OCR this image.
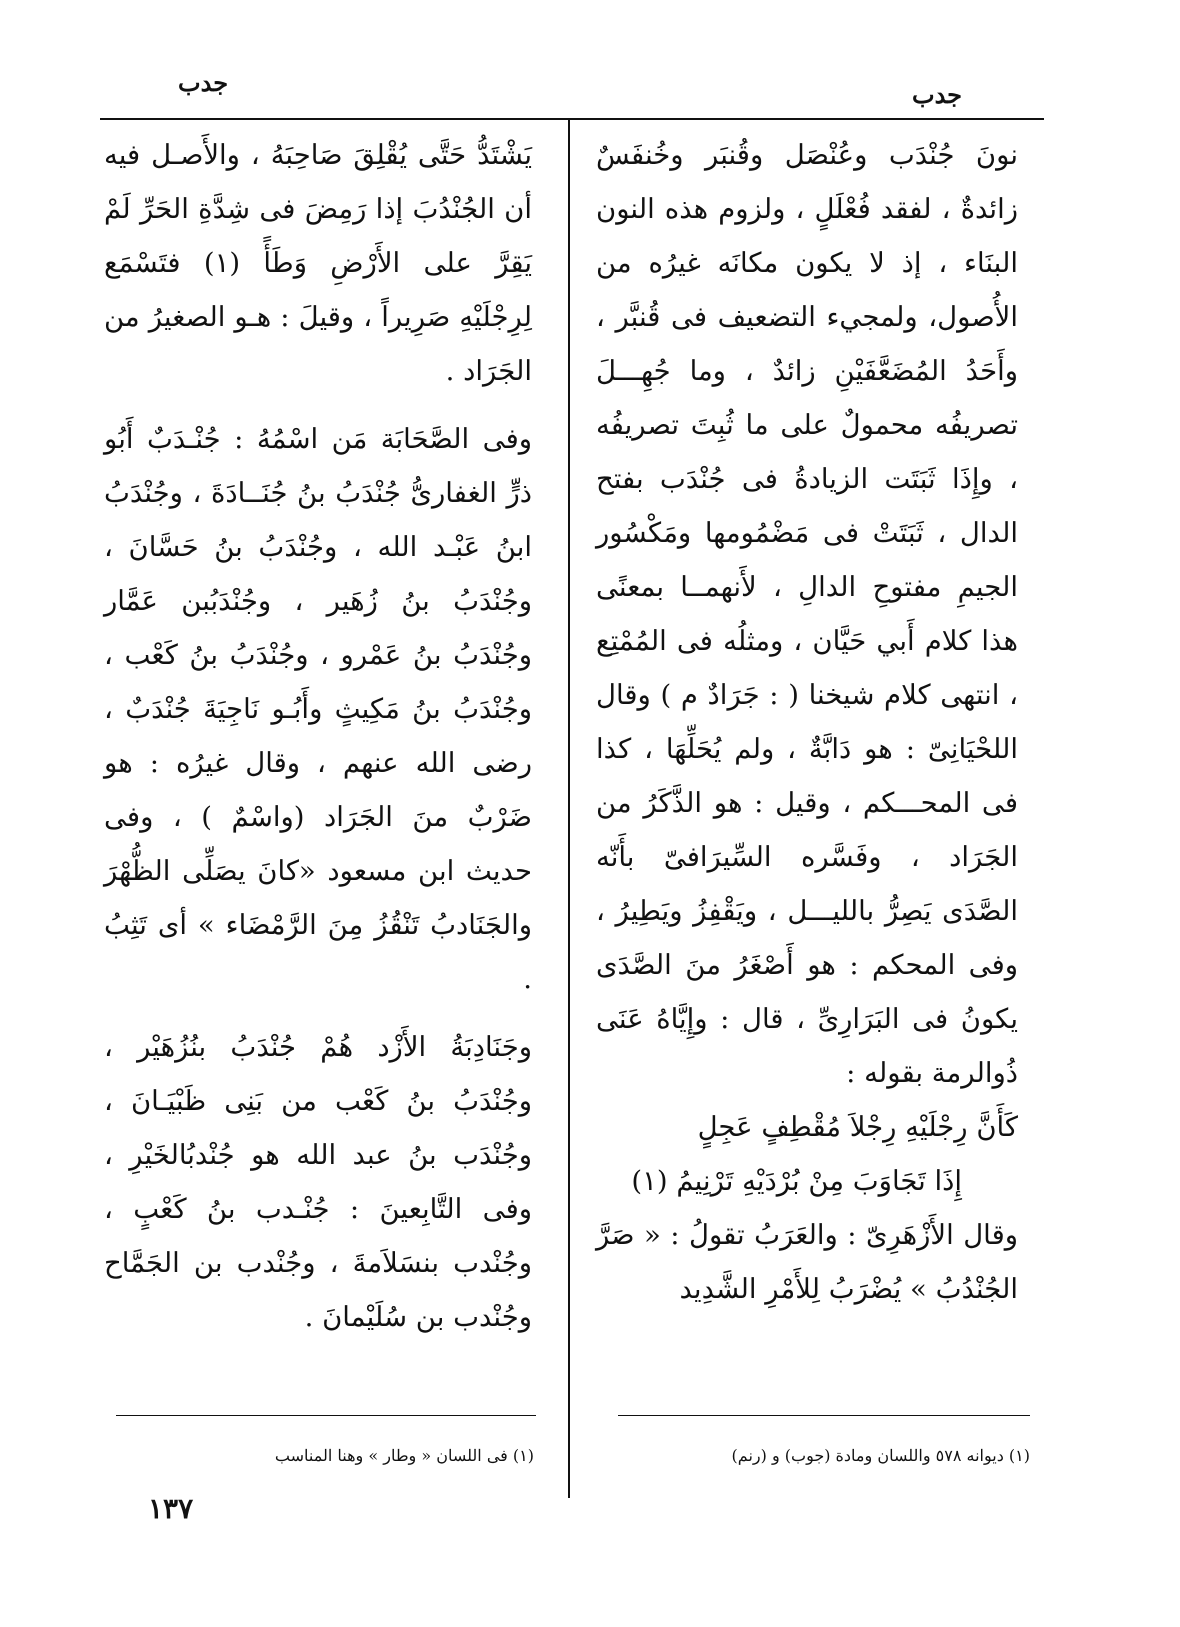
جدب
جدب

نونَ جُنْدَب وعُنْصَل وقُنبَر وخُنفَسٌ زائدةٌ ، لفقد فُعْلَلٍ ، ولزوم هذه النون البنَاء ، إذ لا يكون مكانَه غيرُه من الأُصول، ولمجيء التضعيف فى قُنبَّر ، وأَحَدُ المُضَعَّفَيْنِ زائدٌ ، وما جُهِـــلَ تصريفُه محمولٌ على ما ثُبِتَ تصريفُه ، وإِذَا ثَبَتَت الزيادةُ فى جُنْدَب بفتح الدال ، ثَبَتَتْ فى مَضْمُومها ومَكْسُور الجيمِ مفتوحِ الدالِ ، لأَنهمــا بمعنًى هذا كلام أَبي حَيَّان ، ومثلُه فى المُمْتِع ، انتهى كلام شيخنا ( : جَرَادٌ م ) وقال اللحْيَانِىّ : هو دَابَّةٌ ، ولم يُحَلِّهَا ، كذا فى المحـــكم ، وقيل : هو الذَّكَرُ من الجَرَاد ، وفَسَّره السِّيرَافىّ بأَنّه الصَّدَى يَصِرُّ بالليـــل ، ويَقْفِزُ ويَطِيرُ ، وفى المحكم : هو أَصْغَرُ منَ الصَّدَى يكونُ فى البَرَارِىِّ ، قال : وإِيَّاهُ عَنَى ذُوالرمة بقوله :

كَأَنَّ رِجْلَيْهِ رِجْلاَ مُقْطِفٍ عَجِلٍ

إِذَا تَجَاوَبَ مِنْ بُرْدَيْهِ تَرْنِيمُ (١)

وقال الأَزْهَرِىّ : والعَرَبُ تقولُ : « صَرَّ الجُنْدُبُ » يُضْرَبُ لِلأَمْرِ الشَّدِيد

يَشْتَدُّ حَتَّى يُقْلِقَ صَاحِبَهُ ، والأَصـل فيه أن الجُنْدُبَ إذا رَمِضَ فى شِدَّةِ الحَرِّ لَمْ يَقِرَّ على الأَرْضِ وَطَأً (١) فتَسْمَع لِرِجْلَيْهِ صَرِيراً ، وقيلَ : هـو الصغيرُ من الجَرَاد .

وفى الصَّحَابَة مَن اسْمُهُ : جُنْـدَبٌ أَبُو ذرٍّ الغفارىُّ جُنْدَبُ بنُ جُنَــادَةَ ، وجُنْدَبُ ابنُ عَبْـد الله ، وجُنْدَبُ بنُ حَسَّانَ ، وجُنْدَبُ بنُ زُهَير ، وجُنْدَبُبن عَمَّار وجُنْدَبُ بنُ عَمْرو ، وجُنْدَبُ بنُ كَعْب ، وجُنْدَبُ بنُ مَكِيثٍ وأَبُـو نَاجِيَةَ جُنْدَبٌ ، رضى الله عنهم ، وقال غيرُه : هو ضَرْبٌ منَ الجَرَاد (واسْمٌ ) ، وفى حديث ابن مسعود «كانَ يصَلِّى الظُّهْرَ والجَنَادبُ تَنْقُزُ مِنَ الرَّمْضَاء » أى تَثِبُ .

وجَنَادِبَةُ الأَزْد هُمْ جُنْدَبُ بنُزُهَيْر ، وجُنْدَبُ بنُ كَعْب من بَنِى ظَبْيَـانَ ، وجُنْدَب بنُ عبد الله هو جُنْدبُالخَيْرِ ، وفى التَّابِعينَ : جُنْـدب بنُ كَعْبٍ ، وجُنْدب بنسَلاَمةَ ، وجُنْدب بن الجَمَّاح وجُنْدب بن سُلَيْمانَ .

(١) ديوانه ٥٧٨ واللسان ومادة (جوب) و (رنم)
(١) فى اللسان « وطار » وهنا المناسب
١٣٧
